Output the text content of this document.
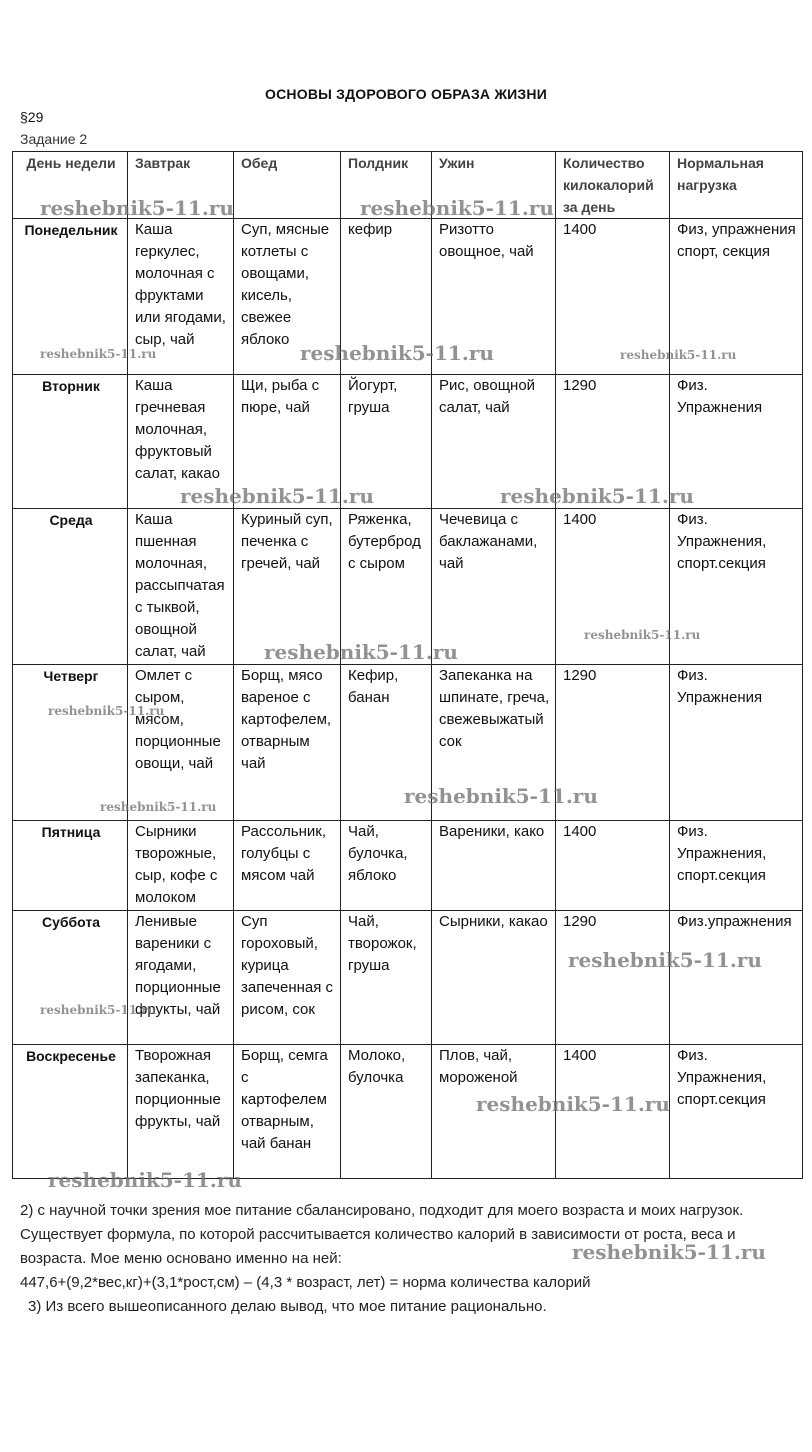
ОСНОВЫ ЗДОРОВОГО ОБРАЗА ЖИЗНИ
§29
Задание 2
День недели	Завтрак	Обед	Полдник	Ужин	Количество килокалорий за день	Нормальная нагрузка
Понедельник	Каша геркулес, молочная с фруктами или ягодами, сыр, чай	Суп, мясные котлеты с овощами, кисель, свежее яблоко	кефир	Ризотто овощное, чай	1400	Физ, упражнения спорт, секция
Вторник	Каша гречневая молочная, фруктовый салат, какао	Щи, рыба с пюре, чай	Йогурт, груша	Рис, овощной салат, чай	1290	Физ. Упражнения
Среда	Каша пшенная молочная, рассыпчатая с тыквой, овощной салат, чай	Куриный суп, печенка с гречей, чай	Ряженка, бутерброд с сыром	Чечевица с баклажанами, чай	1400	Физ. Упражнения, спорт.секция
Четверг	Омлет с сыром, мясом, порционные овощи, чай	Борщ, мясо вареное с картофелем, отварным чай	Кефир, банан	Запеканка на шпинате, греча, свежевыжатый сок	1290	Физ. Упражнения
Пятница	Сырники творожные, сыр, кофе с молоком	Рассольник, голубцы с мясом чай	Чай, булочка, яблоко	Вареники, како	1400	Физ. Упражнения, спорт.секция
Суббота	Ленивые вареники с ягодами, порционные фрукты, чай	Суп гороховый, курица запеченная с рисом, сок	Чай, творожок, груша	Сырники, какао	1290	Физ.упражнения
Воскресенье	Творожная запеканка, порционные фрукты, чай	Борщ, семга с картофелем отварным, чай банан	Молоко, булочка	Плов, чай, мороженой	1400	Физ. Упражнения, спорт.секция

2) с научной точки зрения мое питание сбалансировано, подходит для моего возраста и моих нагрузок. Существует формула, по которой рассчитывается количество калорий в зависимости от роста, веса и возраста. Мое меню основано именно на ней:

447,6+(9,2*вес,кг)+(3,1*рост,см) – (4,3 * возраст, лет) = норма количества калорий

3) Из всего вышеописанного делаю вывод, что мое питание рационально.

reshebnik5-11.ru	reshebnik5-11.ru
reshebnik5-11.ru	reshebnik5-11.ru	reshebnik5-11.ru
reshebnik5-11.ru	reshebnik5-11.ru
reshebnik5-11.ru
reshebnik5-11.ru
reshebnik5-11.ru
reshebnik5-11.ru
reshebnik5-11.ru
reshebnik5-11.ru
reshebnik5-11.ru
reshebnik5-11.ru
reshebnik5-11.ru
reshebnik5-11.ru
